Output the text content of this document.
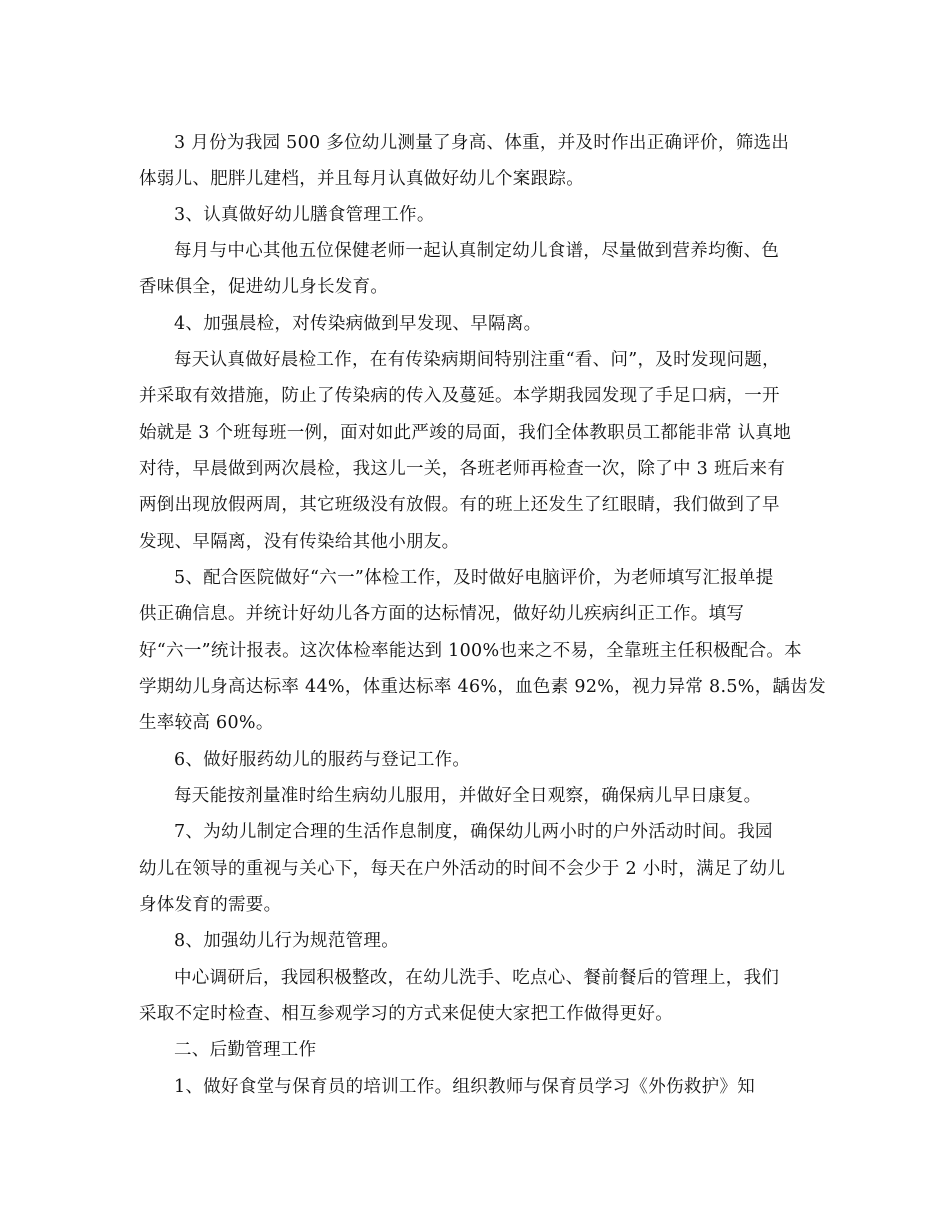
3 月份为我园 500 多位幼儿测量了身高、体重，并及时作出正确评价，筛选出
体弱儿、肥胖儿建档，并且每月认真做好幼儿个案跟踪。
3、认真做好幼儿膳食管理工作。
每月与中心其他五位保健老师一起认真制定幼儿食谱，尽量做到营养均衡、色
香味俱全，促进幼儿身长发育。
4、加强晨检，对传染病做到早发现、早隔离。
每天认真做好晨检工作，在有传染病期间特别注重“看、问”，及时发现问题，
并采取有效措施，防止了传染病的传入及蔓延。本学期我园发现了手足口病，一开
始就是 3 个班每班一例，面对如此严竣的局面，我们全体教职员工都能非常 认真地
对待，早晨做到两次晨检，我这儿一关，各班老师再检查一次，除了中 3 班后来有
两倒出现放假两周，其它班级没有放假。有的班上还发生了红眼睛，我们做到了早
发现、早隔离，没有传染给其他小朋友。
5、配合医院做好“六一”体检工作，及时做好电脑评价，为老师填写汇报单提
供正确信息。并统计好幼儿各方面的达标情况，做好幼儿疾病纠正工作。填写
好“六一”统计报表。这次体检率能达到 100%也来之不易，全靠班主任积极配合。本
学期幼儿身高达标率 44%，体重达标率 46%，血色素 92%，视力异常 8.5%，龋齿发
生率较高 60%。
6、做好服药幼儿的服药与登记工作。
每天能按剂量准时给生病幼儿服用，并做好全日观察，确保病儿早日康复。
7、为幼儿制定合理的生活作息制度，确保幼儿两小时的户外活动时间。我园
幼儿在领导的重视与关心下，每天在户外活动的时间不会少于 2 小时，满足了幼儿
身体发育的需要。
8、加强幼儿行为规范管理。
中心调研后，我园积极整改，在幼儿洗手、吃点心、餐前餐后的管理上，我们
采取不定时检查、相互参观学习的方式来促使大家把工作做得更好。
二、后勤管理工作
1、做好食堂与保育员的培训工作。组织教师与保育员学习《外伤救护》知
